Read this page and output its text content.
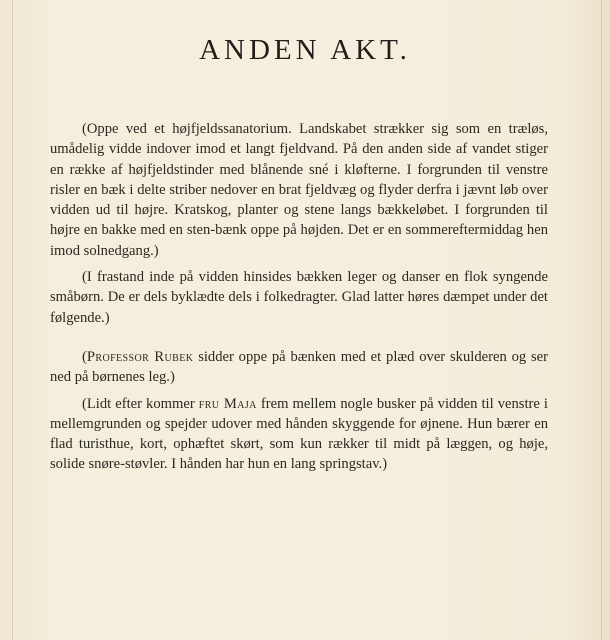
ANDEN AKT.

(Oppe ved et højfjeldssanatorium. Landskabet strækker sig som en træløs, umådelig vidde indover imod et langt fjeldvand. På den anden side af vandet stiger en række af højfjeldstinder med blånende sné i kløfterne. I forgrunden til venstre risler en bæk i delte striber nedover en brat fjeldvæg og flyder derfra i jævnt løb over vidden ud til højre. Kratskog, planter og stene langs bækkeløbet. I forgrunden til højre en bakke med en sten-bænk oppe på højden. Det er en sommereftermiddag hen imod solnedgang.)

(I frastand inde på vidden hinsides bækken leger og danser en flok syngende småbørn. De er dels byklædte dels i folkedragter. Glad latter høres dæmpet under det følgende.)

(Professor Rubek sidder oppe på bænken med et plæd over skulderen og ser ned på børnenes leg.)

(Lidt efter kommer fru Maja frem mellem nogle busker på vidden til venstre i mellemgrunden og spejder udover med hånden skyggende for øjnene. Hun bærer en flad turisthue, kort, ophæftet skørt, som kun rækker til midt på læggen, og højе, solide snøre-støvler. I hånden har hun en lang springstav.)
